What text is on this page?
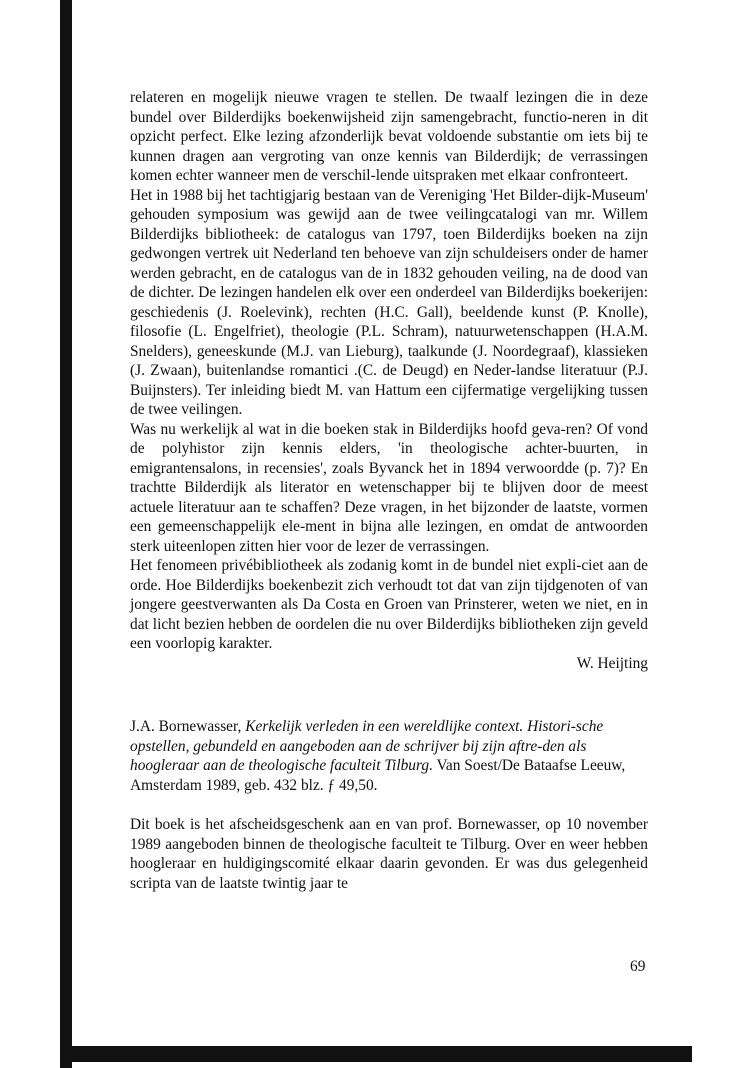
relateren en mogelijk nieuwe vragen te stellen. De twaalf lezingen die in deze bundel over Bilderdijks boekenwijsheid zijn samengebracht, functio-neren in dit opzicht perfect. Elke lezing afzonderlijk bevat voldoende substantie om iets bij te kunnen dragen aan vergroting van onze kennis van Bilderdijk; de verrassingen komen echter wanneer men de verschil-lende uitspraken met elkaar confronteert.

Het in 1988 bij het tachtigjarig bestaan van de Vereniging 'Het Bilder-dijk-Museum' gehouden symposium was gewijd aan de twee veilingcatalogi van mr. Willem Bilderdijks bibliotheek: de catalogus van 1797, toen Bilderdijks boeken na zijn gedwongen vertrek uit Nederland ten behoeve van zijn schuldeisers onder de hamer werden gebracht, en de catalogus van de in 1832 gehouden veiling, na de dood van de dichter. De lezingen handelen elk over een onderdeel van Bilderdijks boekerijen: geschiedenis (J. Roelevink), rechten (H.C. Gall), beeldende kunst (P. Knolle), filosofie (L. Engelfriet), theologie (P.L. Schram), natuurwetenschappen (H.A.M. Snelders), geneeskunde (M.J. van Lieburg), taalkunde (J. Noordegraaf), klassieken (J. Zwaan), buitenlandse romantici .(C. de Deugd) en Neder-landse literatuur (P.J. Buijnsters). Ter inleiding biedt M. van Hattum een cijfermatige vergelijking tussen de twee veilingen.

Was nu werkelijk al wat in die boeken stak in Bilderdijks hoofd geva-ren? Of vond de polyhistor zijn kennis elders, 'in theologische achter-buurten, in emigrantensalons, in recensies', zoals Byvanck het in 1894 verwoordde (p. 7)? En trachtte Bilderdijk als literator en wetenschapper bij te blijven door de meest actuele literatuur aan te schaffen? Deze vragen, in het bijzonder de laatste, vormen een gemeenschappelijk ele-ment in bijna alle lezingen, en omdat de antwoorden sterk uiteenlopen zitten hier voor de lezer de verrassingen.

Het fenomeen privébibliotheek als zodanig komt in de bundel niet expli-ciet aan de orde. Hoe Bilderdijks boekenbezit zich verhoudt tot dat van zijn tijdgenoten of van jongere geestverwanten als Da Costa en Groen van Prinsterer, weten we niet, en in dat licht bezien hebben de oordelen die nu over Bilderdijks bibliotheken zijn geveld een voorlopig karakter.

W. Heijting

J.A. Bornewasser, Kerkelijk verleden in een wereldlijke context. Histori-sche opstellen, gebundeld en aangeboden aan de schrijver bij zijn aftre-den als hoogleraar aan de theologische faculteit Tilburg. Van Soest/De Bataafse Leeuw, Amsterdam 1989, geb. 432 blz. ƒ 49,50.

Dit boek is het afscheidsgeschenk aan en van prof. Bornewasser, op 10 november 1989 aangeboden binnen de theologische faculteit te Tilburg. Over en weer hebben hoogleraar en huldigingscomité elkaar daarin gevonden. Er was dus gelegenheid scripta van de laatste twintig jaar te

69
